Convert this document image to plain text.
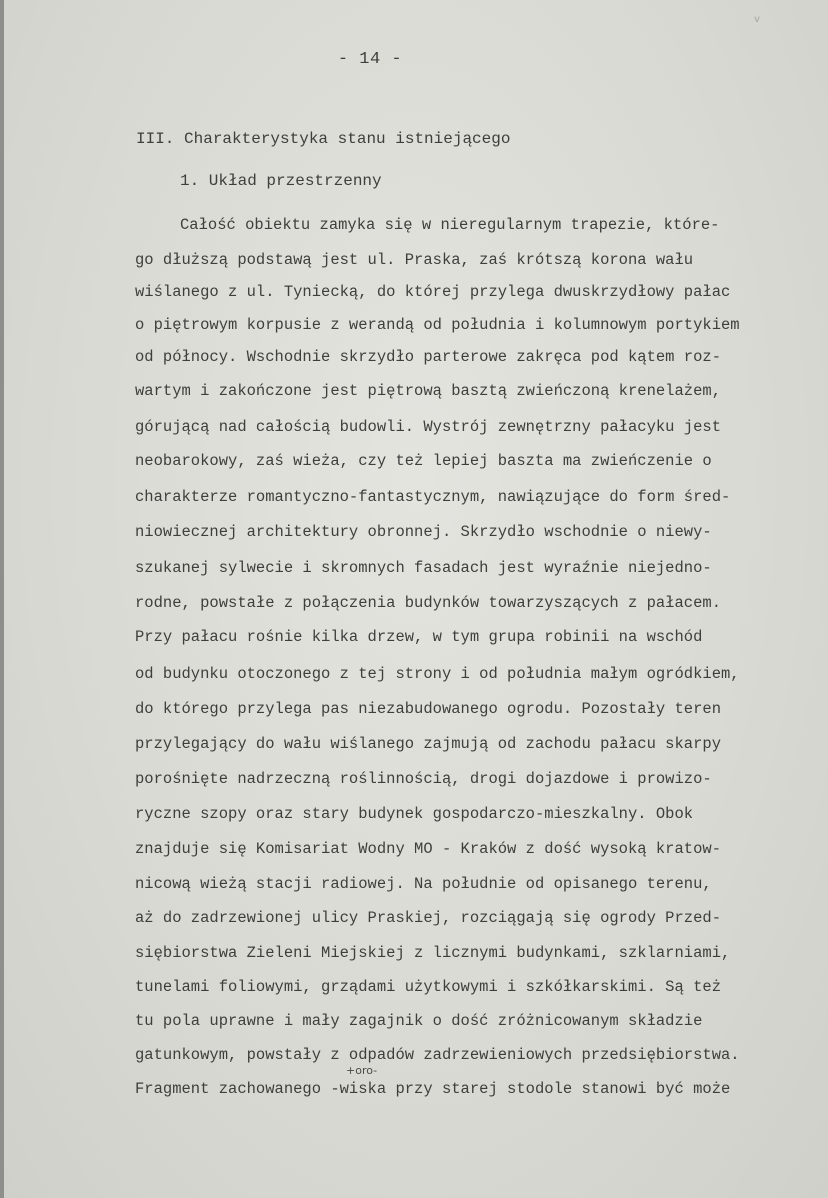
v
- 14 -
III. Charakterystyka stanu istniejącego
1. Układ przestrzenny
Całość obiektu zamyka się w nieregularnym trapezie, które-
go dłuższą podstawą jest ul. Praska, zaś krótszą korona wału
wiślanego z ul. Tyniecką, do której przylega dwuskrzydłowy pałac
o piętrowym korpusie z werandą od południa i kolumnowym portykiem
od północy. Wschodnie skrzydło parterowe zakręca pod kątem roz-
wartym i zakończone jest piętrową basztą zwieńczoną krenelażem,
górującą nad całością budowli. Wystrój zewnętrzny pałacyku jest
neobarokowy, zaś wieża, czy też lepiej baszta ma zwieńczenie o
charakterze romantyczno-fantastycznym, nawiązujące do form śred-
niowiecznej architektury obronnej. Skrzydło wschodnie o niewy-
szukanej sylwecie i skromnych fasadach jest wyraźnie niejedno-
rodne, powstałe z połączenia budynków towarzyszących z pałacem.
Przy pałacu rośnie kilka drzew, w tym grupa robinii na wschód
od budynku otoczonego z tej strony i od południa małym ogródkiem,
do którego przylega pas niezabudowanego ogrodu. Pozostały teren
przylegający do wału wiślanego zajmują od zachodu pałacu skarpy
porośnięte nadrzeczną roślinnością, drogi dojazdowe i prowizo-
ryczne szopy oraz stary budynek gospodarczo-mieszkalny. Obok
znajduje się Komisariat Wodny MO - Kraków z dość wysoką kratow-
nicową wieżą stacji radiowej. Na południe od opisanego terenu,
aż do zadrzewionej ulicy Praskiej, rozciągają się ogrody Przed-
siębiorstwa Zieleni Miejskiej z licznymi budynkami, szklarniami,
tunelami foliowymi, grządami użytkowymi i szkółkarskimi. Są też
tu pola uprawne i mały zagajnik o dość zróżnicowanym składzie
gatunkowym, powstały z odpadów zadrzewieniowych przedsiębiorstwa.
Fragment zachowanego -wiska przy starej stodole stanowi być może
+oro-
